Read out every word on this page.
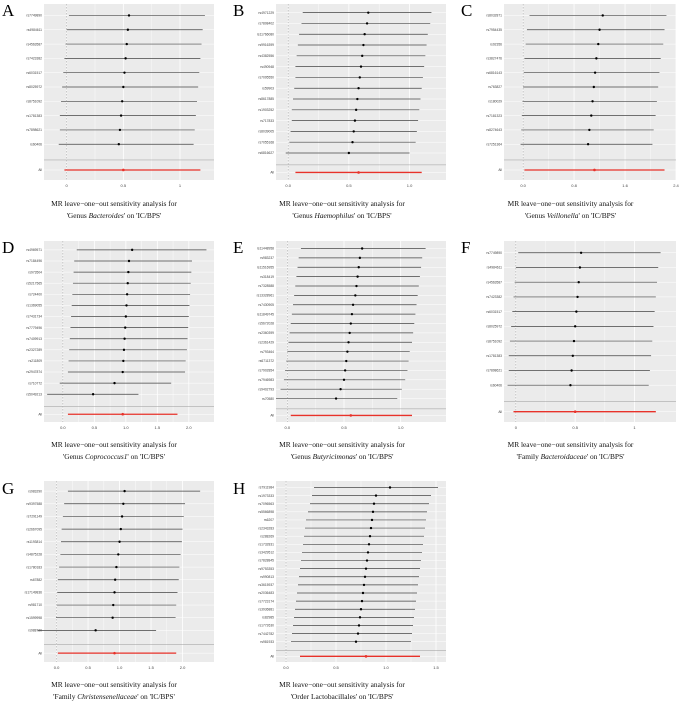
A	rs7749890
rs4984611
rs4563587
rs7423382
rs6031517
rs8025972
rs8751092
rs1781383
rs7898621
rs60406
All
0	0.5	1
MR leave−one−out sensitivity analysis for
'Genus Bacteroides' on 'IC/BPS'
B	rs4971229
rs7808402
rs11766080
rs9916399
rs4382556
rs490948
rs7095550
rs59903
rs8617885
rs1903252
rs717833
rs8039005
rs7055168
rs6816627
All
0.0	0.5	1.0
MR leave−one−out sensitivity analysis for
'Genus Haemophilus' on 'IC/BPS'
C	rs8032871
rs7954435
rs92356
rs3827476
rs6816143
rs763827
rs180029
rs7181323
rs8274643
rs7251364
All
0.0	0.8	1.6	2.4
MR leave−one−out sensitivity analysis for
'Genus Veillonella' on 'IC/BPS'
D	rs4969571
rs7184496
rs973504
rs5217565
rs724400
rs1369055
rs7431734
rs7779496
rs7409913
rs2327289
rs211809
rs2947874
rs710772
rs5049213
All
0.0	0.5	1.0	1.5	2.0
MR leave−one−out sensitivity analysis for
'Genus Coprococcus1' on 'IC/BPS'
E	rs11448958
rs983237
rs11516955
rs318419
rs7328588
rs13328961
rs7430905
rs11849745
rs5672028
rs2360399
rs2361429
rs793464
rs6711372
rs7902854
rs7946983
rs9402793
rs70580
All
0.0	0.5	1.0
MR leave−one−out sensitivity analysis for
'Genus Butyricimonas' on 'IC/BPS'
F	rs7749890
rs4984611
rs4563587
rs7423382
rs6031517
rs8025972
rs8751092
rs1781383
rs7898621
rs60406
All
0	0.5	1
MR leave−one−out sensitivity analysis for
'Family Bacteroidaceae' on 'IC/BPS'
G	rs983290
rs9397588
rs7291149
rs2667095
rs1193814
rs4875228
rs1780183
rs67882
rs17149836
rs981710
rs1599998
rs988720
All
0.0	0.5	1.0	1.5	2.0
MR leave−one−out sensitivity analysis for
'Family Christensenellaceae' on 'IC/BPS'
H	rs7911984
rs1973333
rs7096563
rs5566898
rs6207
rs2343283
rs288269
rs1732831
rs3429512
rs7828845
rs9753353
rs990813
rs3615937
rs2036483
rs7723174
rs3936881
rs82985
rs1772630
rs7442782
rs981933
All
0.0	0.5	1.0	1.5
MR leave−one−out sensitivity analysis for
'Order Lactobacillales' on 'IC/BPS'
